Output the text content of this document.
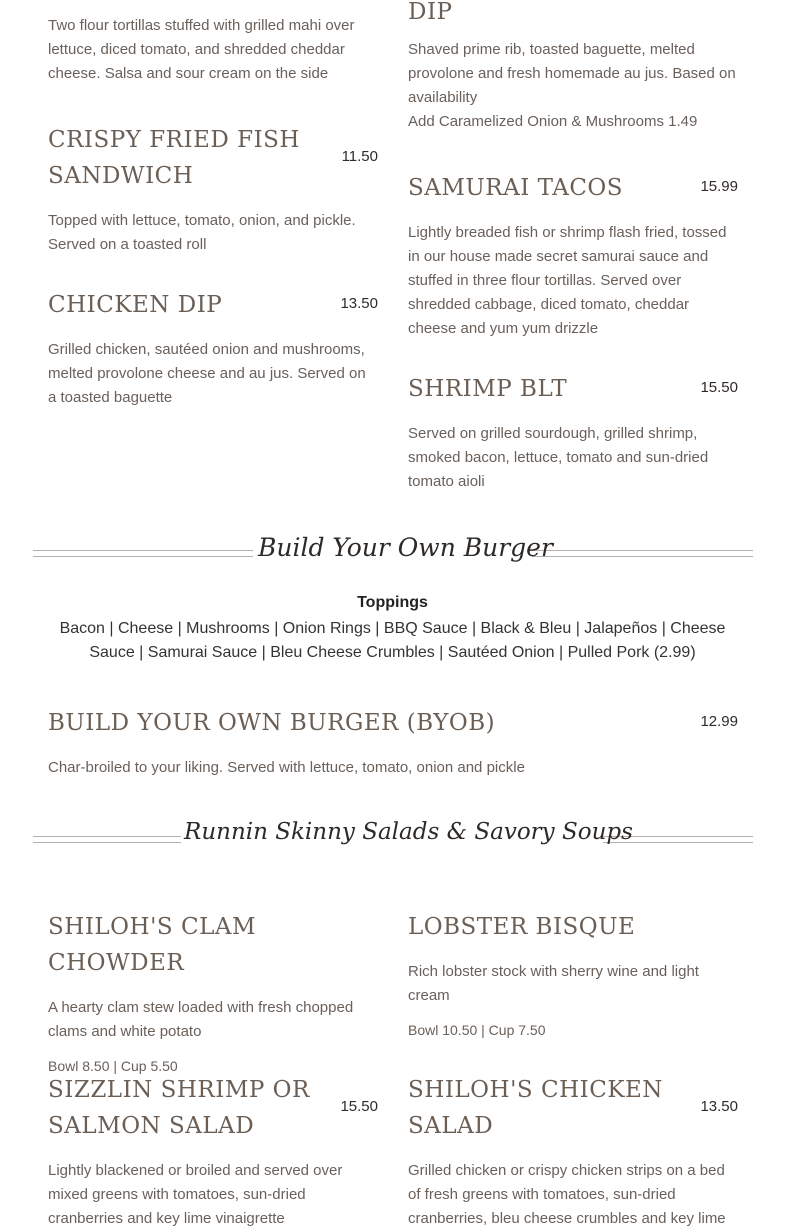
Two flour tortillas stuffed with grilled mahi over lettuce, diced tomato, and shredded cheddar cheese. Salsa and sour cream on the side
CRISPY FRIED FISH SANDWICH
11.50
Topped with lettuce, tomato, onion, and pickle. Served on a toasted roll
CHICKEN DIP	13.50
Grilled chicken, sautéed onion and mushrooms, melted provolone cheese and au jus. Served on a toasted baguette
DIP
Shaved prime rib, toasted baguette, melted provolone and fresh homemade au jus. Based on availability
Add Caramelized Onion & Mushrooms 1.49
SAMURAI TACOS	15.99
Lightly breaded fish or shrimp flash fried, tossed in our house made secret samurai sauce and stuffed in three flour tortillas. Served over shredded cabbage, diced tomato, cheddar cheese and yum yum drizzle
SHRIMP BLT	15.50
Served on grilled sourdough, grilled shrimp, smoked bacon, lettuce, tomato and sun-dried tomato aioli
Build Your Own Burger
Toppings
Bacon | Cheese | Mushrooms | Onion Rings | BBQ Sauce | Black & Bleu | Jalapeños | Cheese Sauce | Samurai Sauce | Bleu Cheese Crumbles | Sautéed Onion | Pulled Pork (2.99)
BUILD YOUR OWN BURGER (BYOB)	12.99
Char-broiled to your liking. Served with lettuce, tomato, onion and pickle
Runnin Skinny Salads & Savory Soups
SHILOH'S CLAM CHOWDER
A hearty clam stew loaded with fresh chopped clams and white potato
Bowl 8.50 | Cup 5.50
LOBSTER BISQUE
Rich lobster stock with sherry wine and light cream
Bowl 10.50 | Cup 7.50
SIZZLIN SHRIMP OR SALMON SALAD
15.50
Lightly blackened or broiled and served over mixed greens with tomatoes, sun-dried cranberries and key lime vinaigrette
SHILOH'S CHICKEN SALAD
13.50
Grilled chicken or crispy chicken strips on a bed of fresh greens with tomatoes, sun-dried cranberries, bleu cheese crumbles and key lime
